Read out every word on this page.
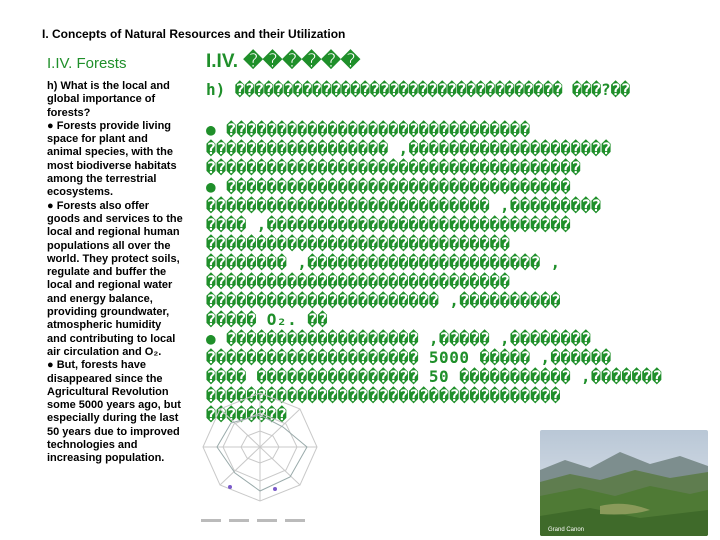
I. Concepts of Natural Resources and their Utilization
I.IV. Forests	I.IV. ������

h) What is the local and global importance of forests?

● Forests provide living space for plant and animal species, with the most biodiverse habitats among the terrestrial ecosystems.

● Forests also offer goods and services to the local and regional human populations all over the world. They protect soils, regulate and buffer the local and regional water and energy balance, providing groundwater, atmospheric humidity and contributing to local air circulation and O₂.

● But, forests have disappeared since the Agricultural Revolution some 5000 years ago, but especially during the last 50 years due to improved technologies and increasing population.

h) ���������������������������������� ���?��

● ������������������������������

������������������ ,��������������������

�������������������������������������

● ����������������������������������

���������������������������� ,���������

���� ,������������������������������

������������������������������

�������� ,����������������������� ,

������������������������������

����������������������� ,����������

����� O₂. ��

● ������������������� ,����� ,��������

��������������������� 5000 ����� ,������

���� ���������������� 50 ����������� ,�������

�����������������������������������

��������

Grand Canon
